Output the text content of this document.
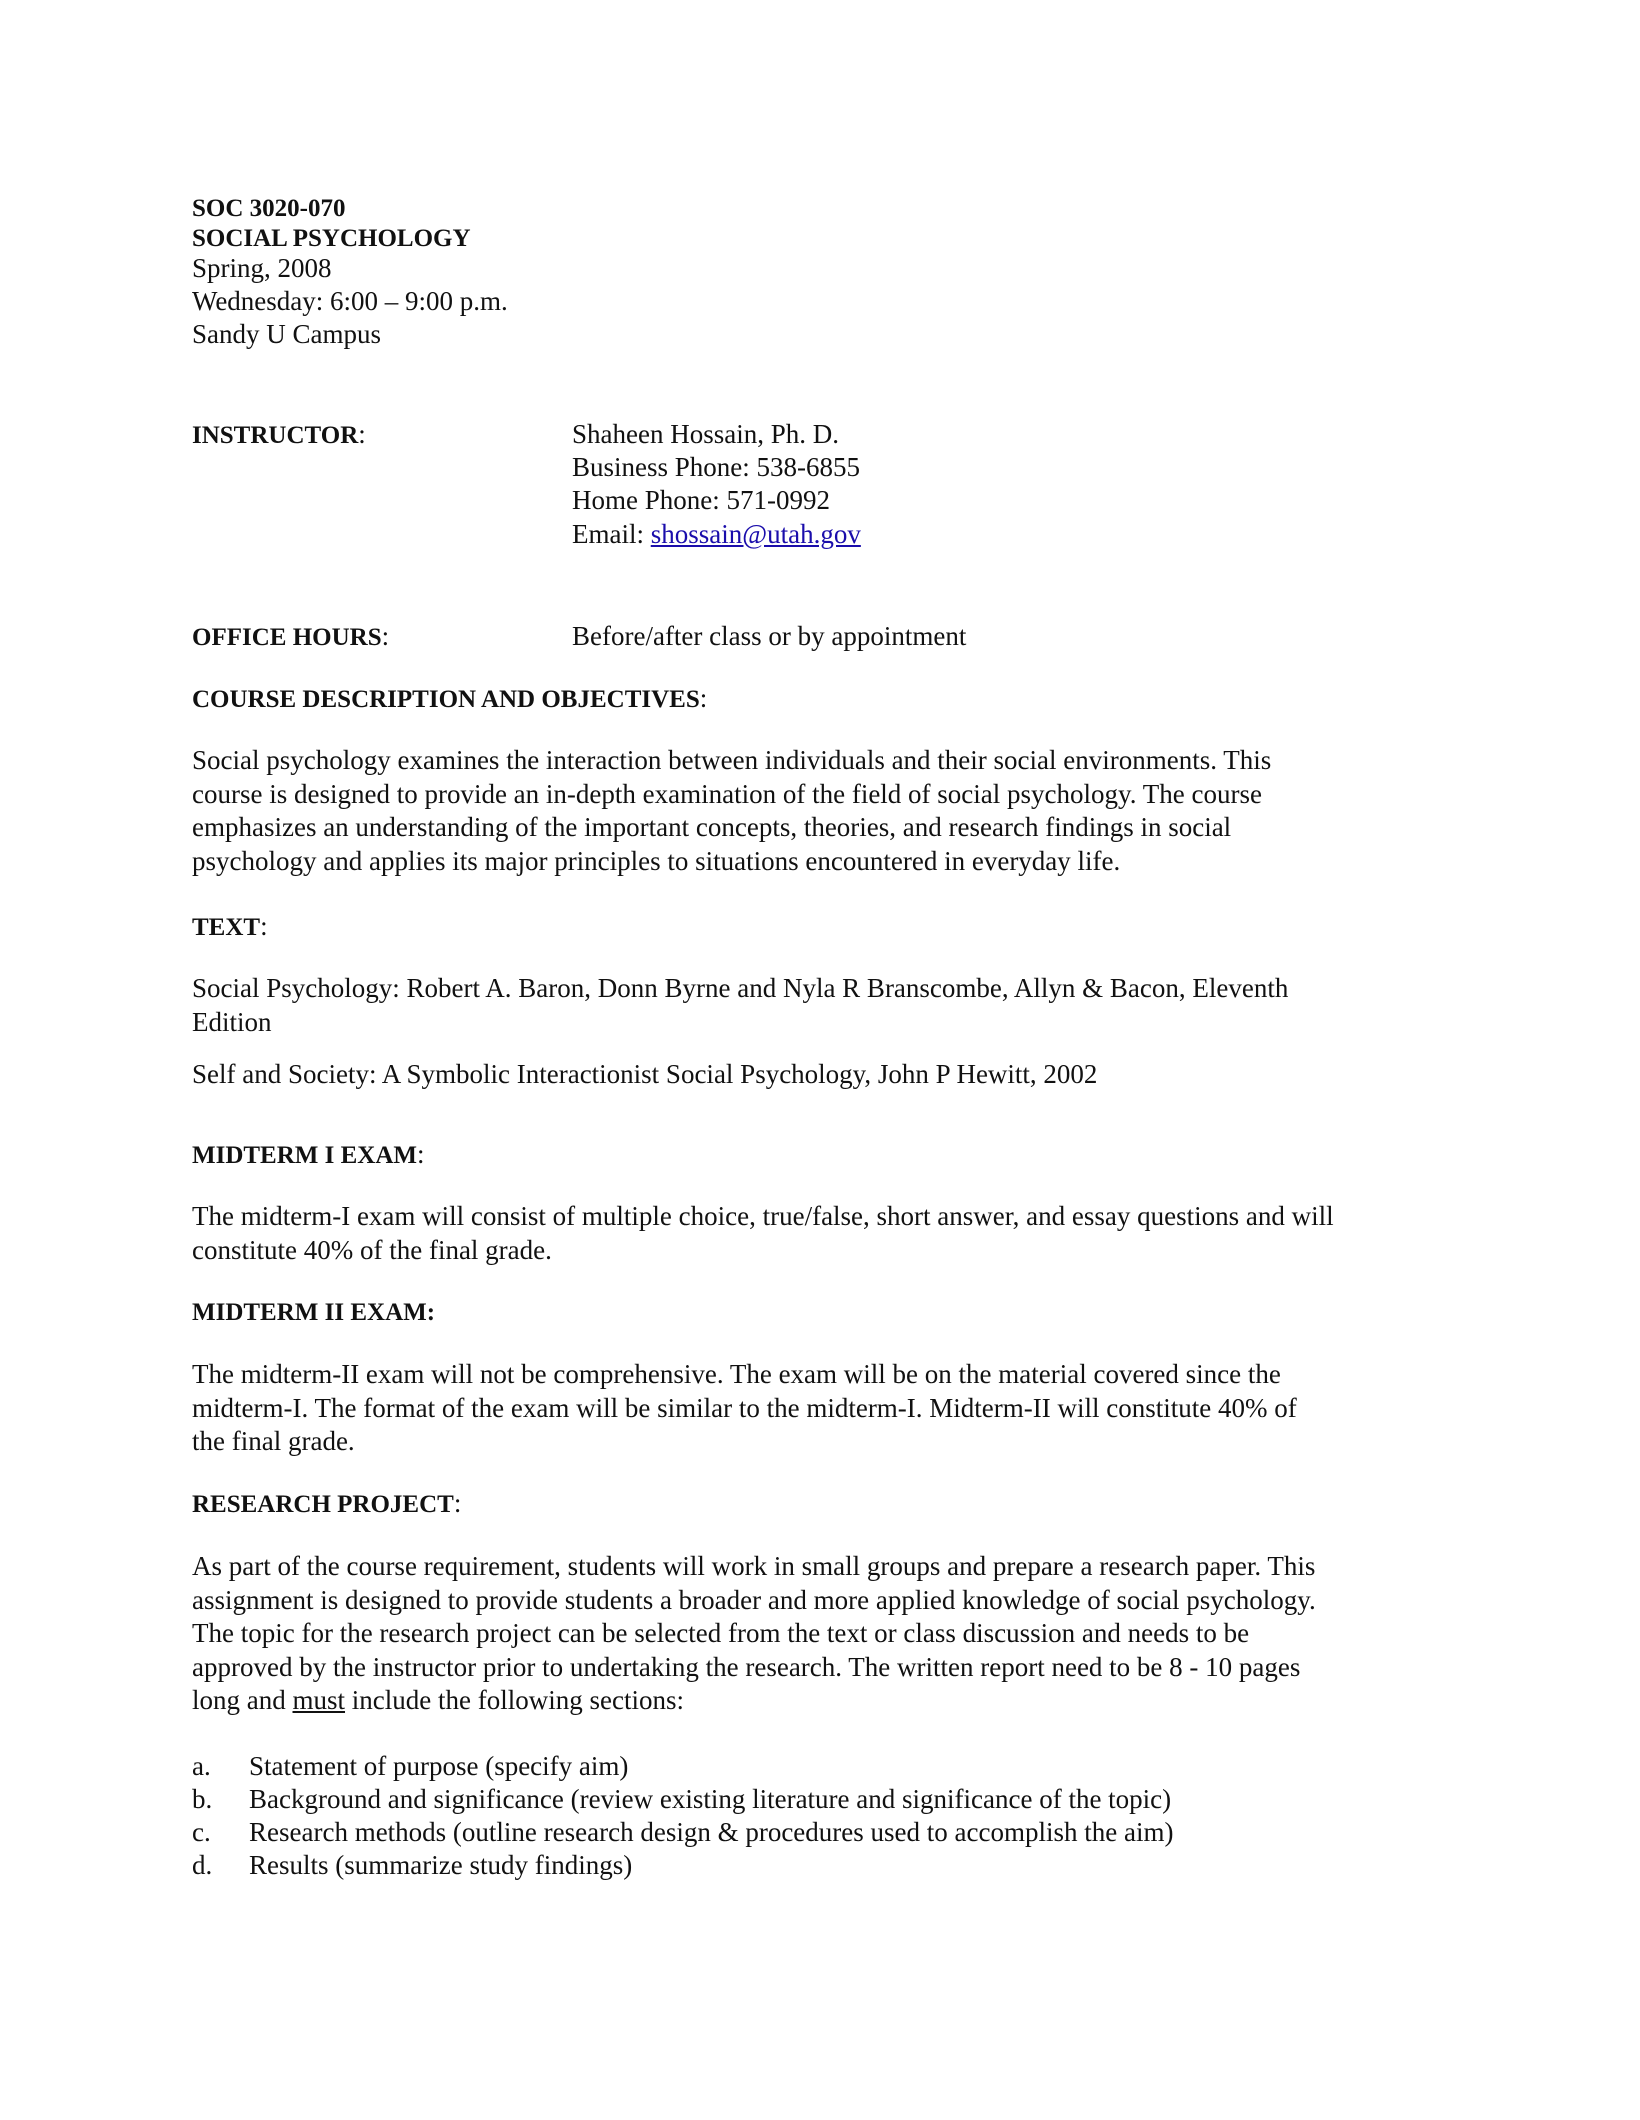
SOC 3020-070
SOCIAL PSYCHOLOGY
Spring, 2008
Wednesday: 6:00 – 9:00 p.m.
Sandy U Campus
INSTRUCTOR:	Shaheen Hossain, Ph. D.
Business Phone: 538-6855
Home Phone: 571-0992
Email: shossain@utah.gov
OFFICE HOURS:	Before/after class or by appointment
COURSE DESCRIPTION AND OBJECTIVES:
Social psychology examines the interaction between individuals and their social environments. This
course is designed to provide an in-depth examination of the field of social psychology. The course
emphasizes an understanding of the important concepts, theories, and research findings in social
psychology and applies its major principles to situations encountered in everyday life.
TEXT:
Social Psychology: Robert A. Baron, Donn Byrne and Nyla R Branscombe, Allyn & Bacon, Eleventh
Edition
Self and Society: A Symbolic Interactionist Social Psychology, John P Hewitt, 2002
MIDTERM I EXAM:
The midterm-I exam will consist of multiple choice, true/false, short answer, and essay questions and will
constitute 40% of the final grade.
MIDTERM II EXAM:
The midterm-II exam will not be comprehensive. The exam will be on the material covered since the
midterm-I. The format of the exam will be similar to the midterm-I. Midterm-II will constitute 40% of
the final grade.
RESEARCH PROJECT:
As part of the course requirement, students will work in small groups and prepare a research paper. This
assignment is designed to provide students a broader and more applied knowledge of social psychology.
The topic for the research project can be selected from the text or class discussion and needs to be
approved by the instructor prior to undertaking the research. The written report need to be 8 - 10 pages
long and must include the following sections:
a. Statement of purpose (specify aim)
b. Background and significance (review existing literature and significance of the topic)
c. Research methods (outline research design & procedures used to accomplish the aim)
d. Results (summarize study findings)
